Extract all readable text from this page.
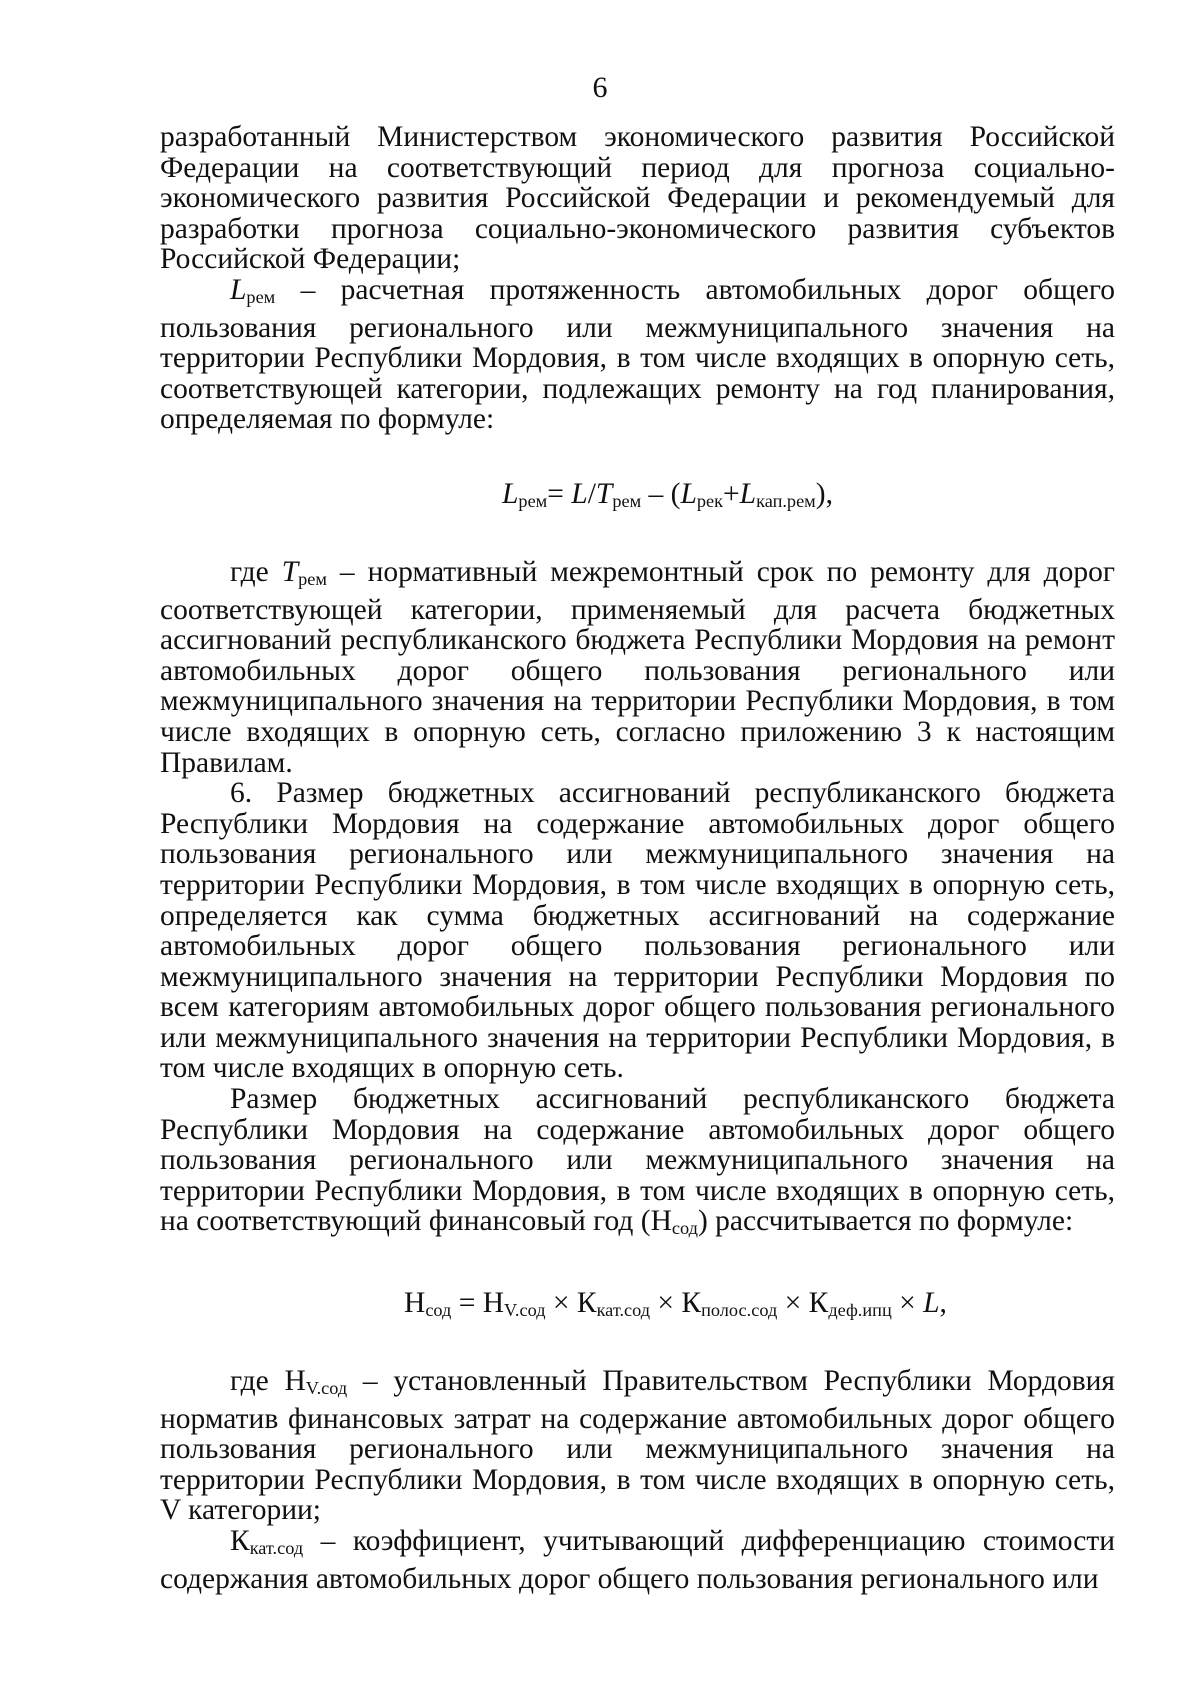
6

разработанный Министерством экономического развития Российской Федерации на соответствующий период для прогноза социально-экономического развития Российской Федерации и рекомендуемый для разработки прогноза социально-экономического развития субъектов Российской Федерации;

$L_{рем}$ – расчетная протяженность автомобильных дорог общего пользования регионального или межмуниципального значения на территории Республики Мордовия, в том числе входящих в опорную сеть, соответствующей категории, подлежащих ремонту на год планирования, определяемая по формуле:

$L_{рем}= L/T_{рем} - (L_{рек}+L_{кап.рем})$,

где $T_{рем}$ – нормативный межремонтный срок по ремонту для дорог соответствующей категории, применяемый для расчета бюджетных ассигнований республиканского бюджета Республики Мордовия на ремонт автомобильных дорог общего пользования регионального или межмуниципального значения на территории Республики Мордовия, в том числе входящих в опорную сеть, согласно приложению 3 к настоящим Правилам.

6. Размер бюджетных ассигнований республиканского бюджета Республики Мордовия на содержание автомобильных дорог общего пользования регионального или межмуниципального значения на территории Республики Мордовия, в том числе входящих в опорную сеть, определяется как сумма бюджетных ассигнований на содержание автомобильных дорог общего пользования регионального или межмуниципального значения на территории Республики Мордовия по всем категориям автомобильных дорог общего пользования регионального или межмуниципального значения на территории Республики Мордовия, в том числе входящих в опорную сеть.

Размер бюджетных ассигнований республиканского бюджета Республики Мордовия на содержание автомобильных дорог общего пользования регионального или межмуниципального значения на территории Республики Мордовия, в том числе входящих в опорную сеть, на соответствующий финансовый год $(Н_{сод})$ рассчитывается по формуле:

$Н_{сод} = Н_{V.сод} \times К_{кат.сод} \times К_{полос.сод} \times К_{деф.ипц} \times L$,

где $Н_{V.сод}$ – установленный Правительством Республики Мордовия норматив финансовых затрат на содержание автомобильных дорог общего пользования регионального или межмуниципального значения на территории Республики Мордовия, в том числе входящих в опорную сеть, V категории;

$К_{кат.сод}$ – коэффициент, учитывающий дифференциацию стоимости содержания автомобильных дорог общего пользования регионального или
